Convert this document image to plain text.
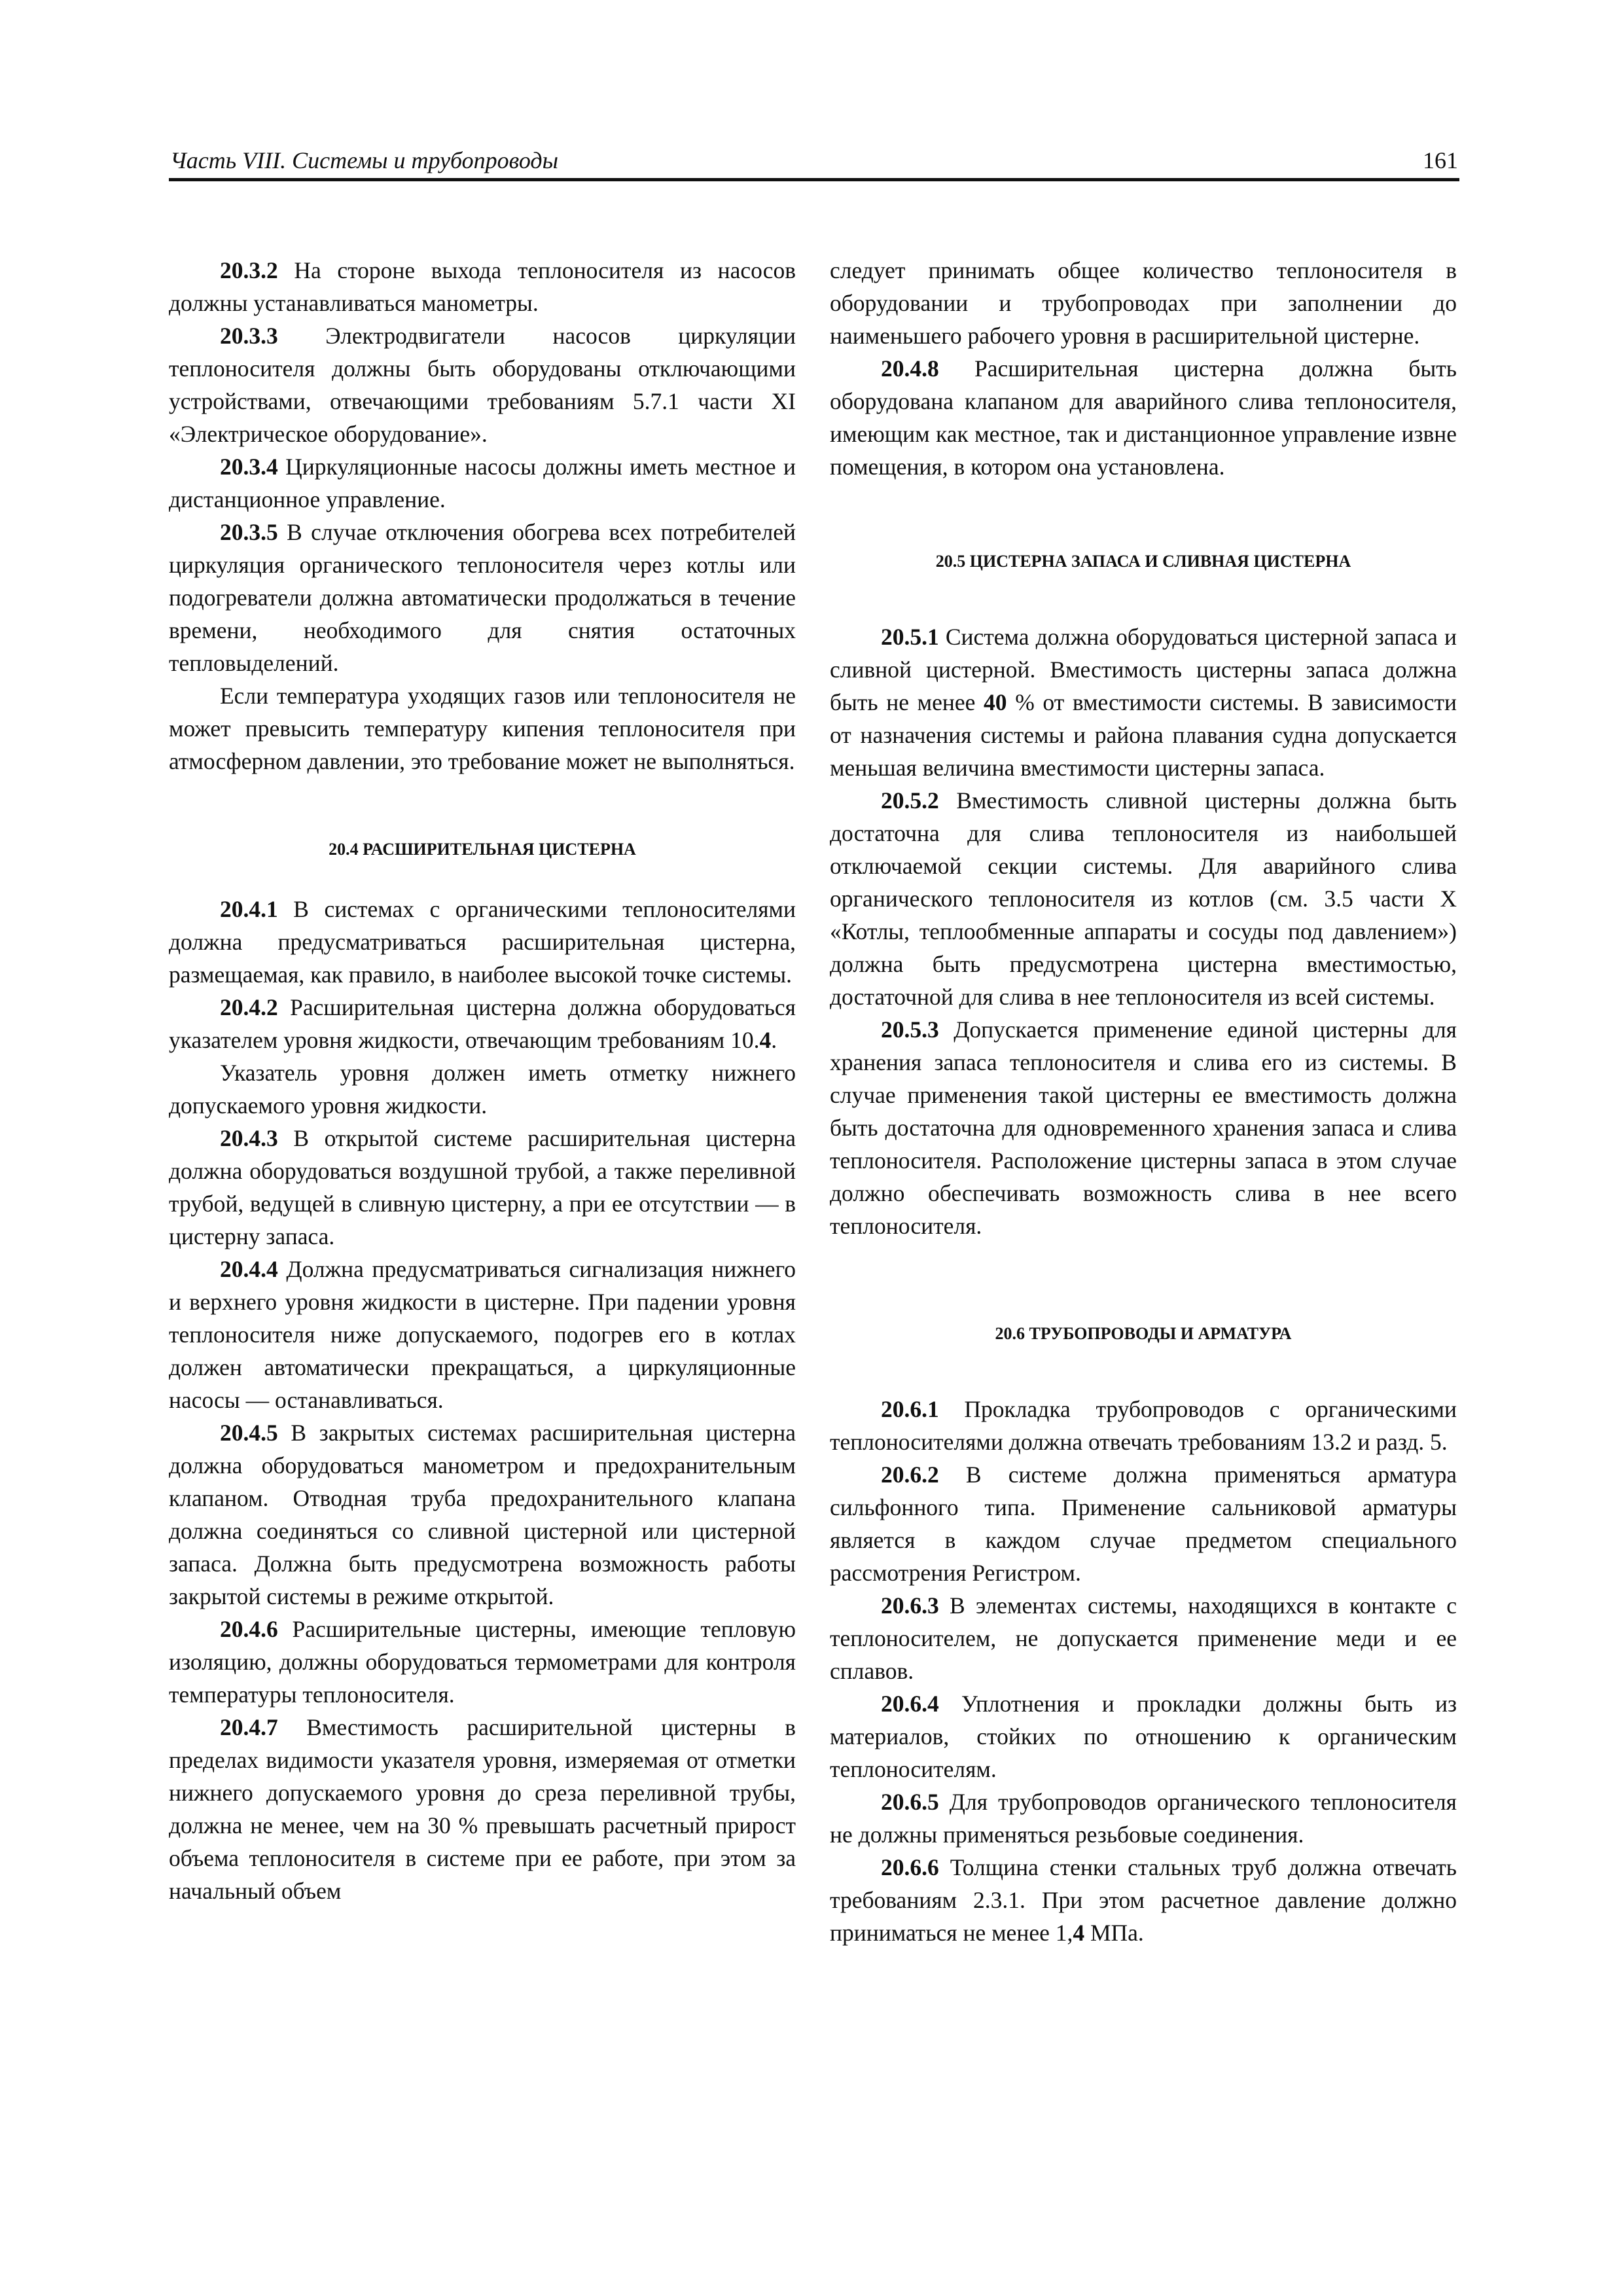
Часть VIII. Системы и трубопроводы	161

20.3.2 На стороне выхода теплоносителя из насосов должны устанавливаться манометры.

20.3.3 Электродвигатели насосов циркуляции теплоносителя должны быть оборудованы отключающими устройствами, отвечающими требованиям 5.7.1 части XI «Электрическое оборудование».

20.3.4 Циркуляционные насосы должны иметь местное и дистанционное управление.

20.3.5 В случае отключения обогрева всех потребителей циркуляция органического теплоносителя через котлы или подогреватели должна автоматически продолжаться в течение времени, необходимого для снятия остаточных тепловыделений.

Если температура уходящих газов или теплоносителя не может превысить температуру кипения теплоносителя при атмосферном давлении, это требование может не выполняться.

20.4 РАСШИРИТЕЛЬНАЯ ЦИСТЕРНА

20.4.1 В системах с органическими теплоносителями должна предусматриваться расширительная цистерна, размещаемая, как правило, в наиболее высокой точке системы.

20.4.2 Расширительная цистерна должна оборудоваться указателем уровня жидкости, отвечающим требованиям 10.4.

Указатель уровня должен иметь отметку нижнего допускаемого уровня жидкости.

20.4.3 В открытой системе расширительная цистерна должна оборудоваться воздушной трубой, а также переливной трубой, ведущей в сливную цистерну, а при ее отсутствии — в цистерну запаса.

20.4.4 Должна предусматриваться сигнализация нижнего и верхнего уровня жидкости в цистерне. При падении уровня теплоносителя ниже допускаемого, подогрев его в котлах должен автоматически прекращаться, а циркуляционные насосы — останавливаться.

20.4.5 В закрытых системах расширительная цистерна должна оборудоваться манометром и предохранительным клапаном. Отводная труба предохранительного клапана должна соединяться со сливной цистерной или цистерной запаса. Должна быть предусмотрена возможность работы закрытой системы в режиме открытой.

20.4.6 Расширительные цистерны, имеющие тепловую изоляцию, должны оборудоваться термометрами для контроля температуры теплоносителя.

20.4.7 Вместимость расширительной цистерны в пределах видимости указателя уровня, измеряемая от отметки нижнего допускаемого уровня до среза переливной трубы, должна не менее, чем на 30 % превышать расчетный прирост объема теплоносителя в системе при ее работе, при этом за начальный объем

следует принимать общее количество теплоносителя в оборудовании и трубопроводах при заполнении до наименьшего рабочего уровня в расширительной цистерне.

20.4.8 Расширительная цистерна должна быть оборудована клапаном для аварийного слива теплоносителя, имеющим как местное, так и дистанционное управление извне помещения, в котором она установлена.

20.5 ЦИСТЕРНА ЗАПАСА И СЛИВНАЯ ЦИСТЕРНА

20.5.1 Система должна оборудоваться цистерной запаса и сливной цистерной. Вместимость цистерны запаса должна быть не менее 40 % от вместимости системы. В зависимости от назначения системы и района плавания судна допускается меньшая величина вместимости цистерны запаса.

20.5.2 Вместимость сливной цистерны должна быть достаточна для слива теплоносителя из наибольшей отключаемой секции системы. Для аварийного слива органического теплоносителя из котлов (см. 3.5 части X «Котлы, теплообменные аппараты и сосуды под давлением») должна быть предусмотрена цистерна вместимостью, достаточной для слива в нее теплоносителя из всей системы.

20.5.3 Допускается применение единой цистерны для хранения запаса теплоносителя и слива его из системы. В случае применения такой цистерны ее вместимость должна быть достаточна для одновременного хранения запаса и слива теплоносителя. Расположение цистерны запаса в этом случае должно обеспечивать возможность слива в нее всего теплоносителя.

20.6 ТРУБОПРОВОДЫ И АРМАТУРА

20.6.1 Прокладка трубопроводов с органическими теплоносителями должна отвечать требованиям 13.2 и разд. 5.

20.6.2 В системе должна применяться арматура сильфонного типа. Применение сальниковой арматуры является в каждом случае предметом специального рассмотрения Регистром.

20.6.3 В элементах системы, находящихся в контакте с теплоносителем, не допускается применение меди и ее сплавов.

20.6.4 Уплотнения и прокладки должны быть из материалов, стойких по отношению к органическим теплоносителям.

20.6.5 Для трубопроводов органического теплоносителя не должны применяться резьбовые соединения.

20.6.6 Толщина стенки стальных труб должна отвечать требованиям 2.3.1. При этом расчетное давление должно приниматься не менее 1,4 МПа.
